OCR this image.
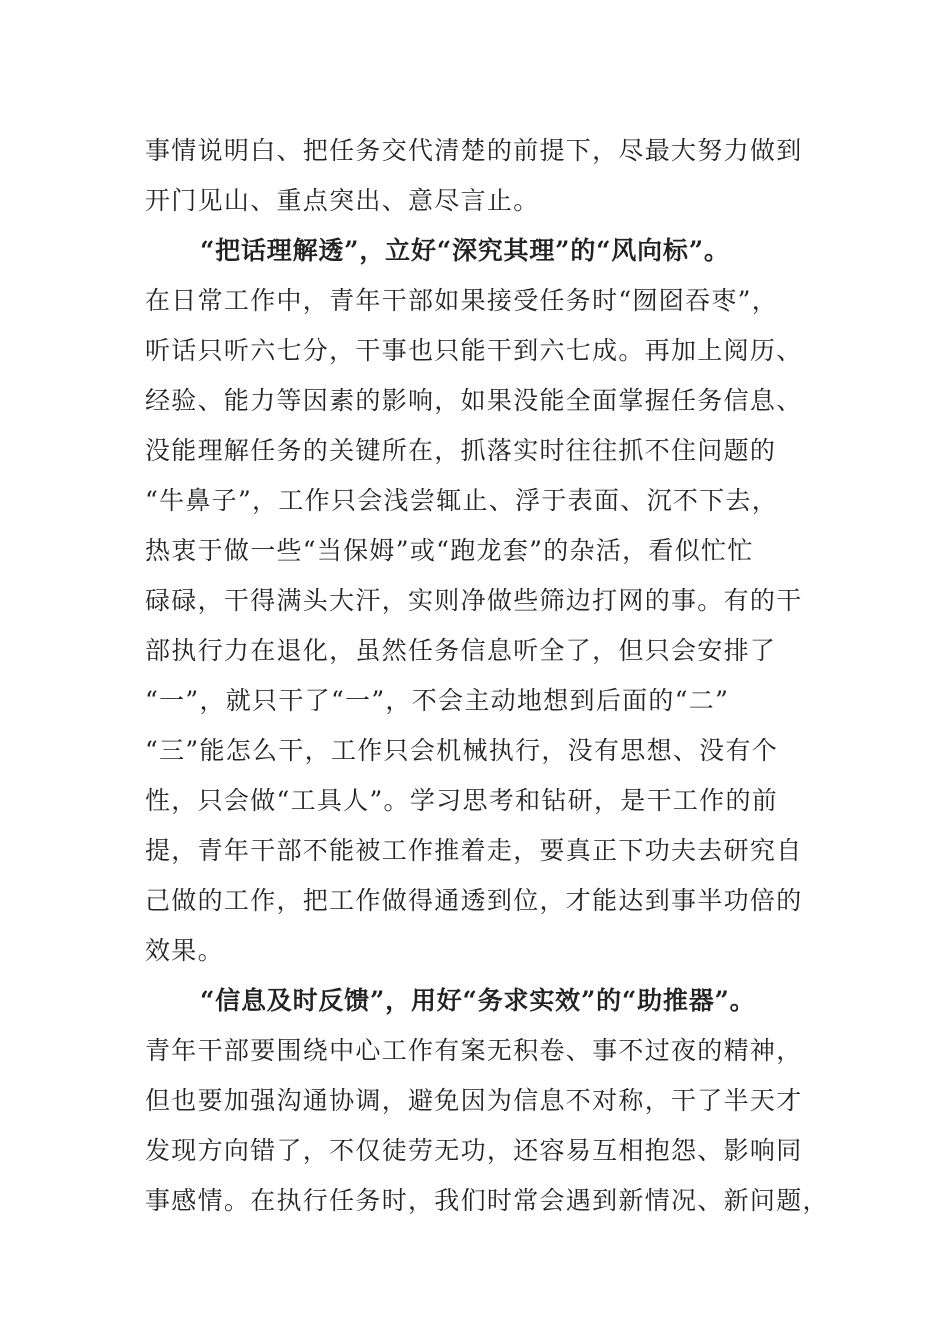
事情说明白、把任务交代清楚的前提下，尽最大努力做到
开门见山、重点突出、意尽言止。
“把话理解透”，立好“深究其理”的“风向标”。
在日常工作中，青年干部如果接受任务时“囫囵吞枣”，
听话只听六七分，干事也只能干到六七成。再加上阅历、
经验、能力等因素的影响，如果没能全面掌握任务信息、
没能理解任务的关键所在，抓落实时往往抓不住问题的
“牛鼻子”，工作只会浅尝辄止、浮于表面、沉不下去，
热衷于做一些“当保姆”或“跑龙套”的杂活，看似忙忙
碌碌，干得满头大汗，实则净做些筛边打网的事。有的干
部执行力在退化，虽然任务信息听全了，但只会安排了
“一”，就只干了“一”，不会主动地想到后面的“二”
“三”能怎么干，工作只会机械执行，没有思想、没有个
性，只会做“工具人”。学习思考和钻研，是干工作的前
提，青年干部不能被工作推着走，要真正下功夫去研究自
己做的工作，把工作做得通透到位，才能达到事半功倍的
效果。
“信息及时反馈”，用好“务求实效”的“助推器”。
青年干部要围绕中心工作有案无积卷、事不过夜的精神，
但也要加强沟通协调，避免因为信息不对称，干了半天才
发现方向错了，不仅徒劳无功，还容易互相抱怨、影响同
事感情。在执行任务时，我们时常会遇到新情况、新问题，
